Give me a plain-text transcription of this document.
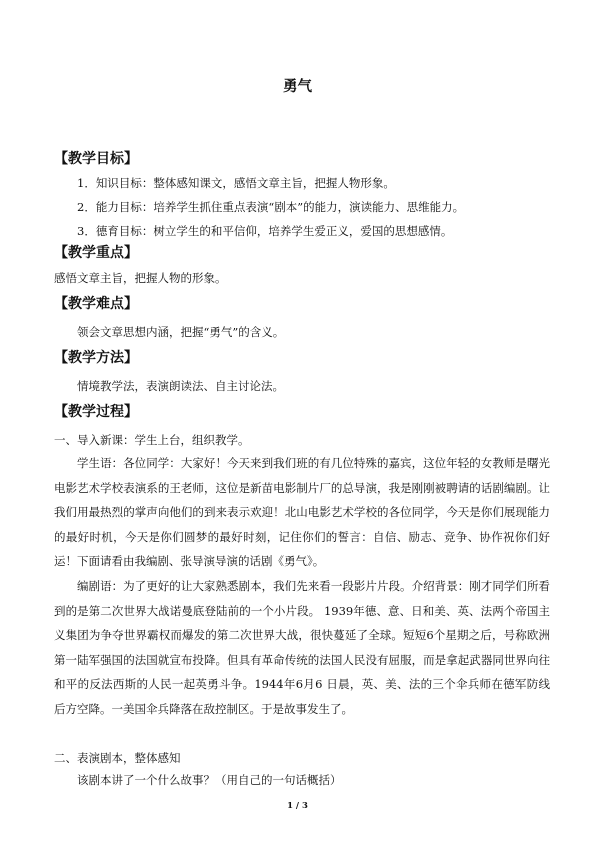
勇气
【教学目标】
1．知识目标：整体感知课文，感悟文章主旨，把握人物形象。
2．能力目标：培养学生抓住重点表演“剧本”的能力，演读能力、思维能力。
3．德育目标：树立学生的和平信仰，培养学生爱正义，爱国的思想感情。
【教学重点】
感悟文章主旨，把握人物的形象。
【教学难点】
领会文章思想内涵，把握“勇气”的含义。
【教学方法】
情境教学法，表演朗读法、自主讨论法。
【教学过程】
一、导入新课：学生上台，组织教学。

学生语：各位同学：大家好！今天来到我们班的有几位特殊的嘉宾，这位年轻的女教师是曙光电影艺术学校表演系的王老师，这位是新苗电影制片厂的总导演，我是刚刚被聘请的话剧编剧。让我们用最热烈的掌声向他们的到来表示欢迎！北山电影艺术学校的各位同学，今天是你们展现能力的最好时机，今天是你们圆梦的最好时刻，记住你们的誓言：自信、励志、竞争、协作祝你们好运！下面请看由我编剧、张导演导演的话剧《勇气》。

编剧语：为了更好的让大家熟悉剧本，我们先来看一段影片片段。介绍背景：刚才同学们所看到的是第二次世界大战诺曼底登陆前的一个小片段。 1939年德、意、日和美、英、法两个帝国主义集团为争夺世界霸权而爆发的第二次世界大战，很快蔓延了全球。短短6个星期之后，号称欧洲第一陆军强国的法国就宣布投降。但具有革命传统的法国人民没有屈服，而是拿起武器同世界向往和平的反法西斯的人民一起英勇斗争。1944年6月6 日晨，英、美、法的三个伞兵师在德军防线后方空降。一美国伞兵降落在敌控制区。于是故事发生了。

二、表演剧本，整体感知
该剧本讲了一个什么故事？（用自己的一句话概括）
1 / 3
